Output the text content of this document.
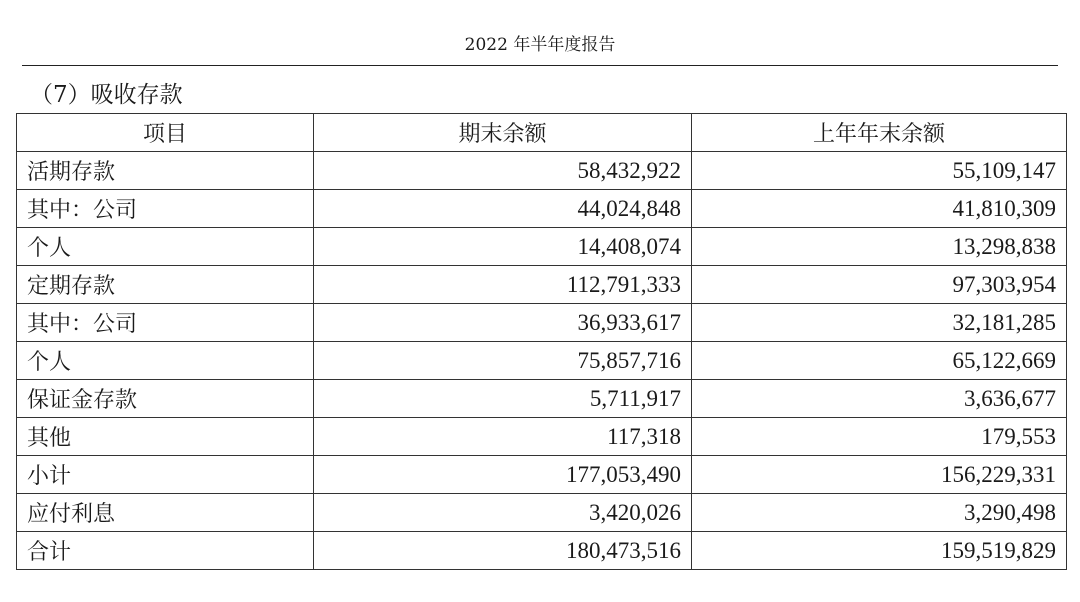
2022 年半年度报告
（7）吸收存款
项目	期末余额	上年年末余额
活期存款	58,432,922	55,109,147
其中：公司	44,024,848	41,810,309
个人	14,408,074	13,298,838
定期存款	112,791,333	97,303,954
其中：公司	36,933,617	32,181,285
个人	75,857,716	65,122,669
保证金存款	5,711,917	3,636,677
其他	117,318	179,553
小计	177,053,490	156,229,331
应付利息	3,420,026	3,290,498
合计	180,473,516	159,519,829
